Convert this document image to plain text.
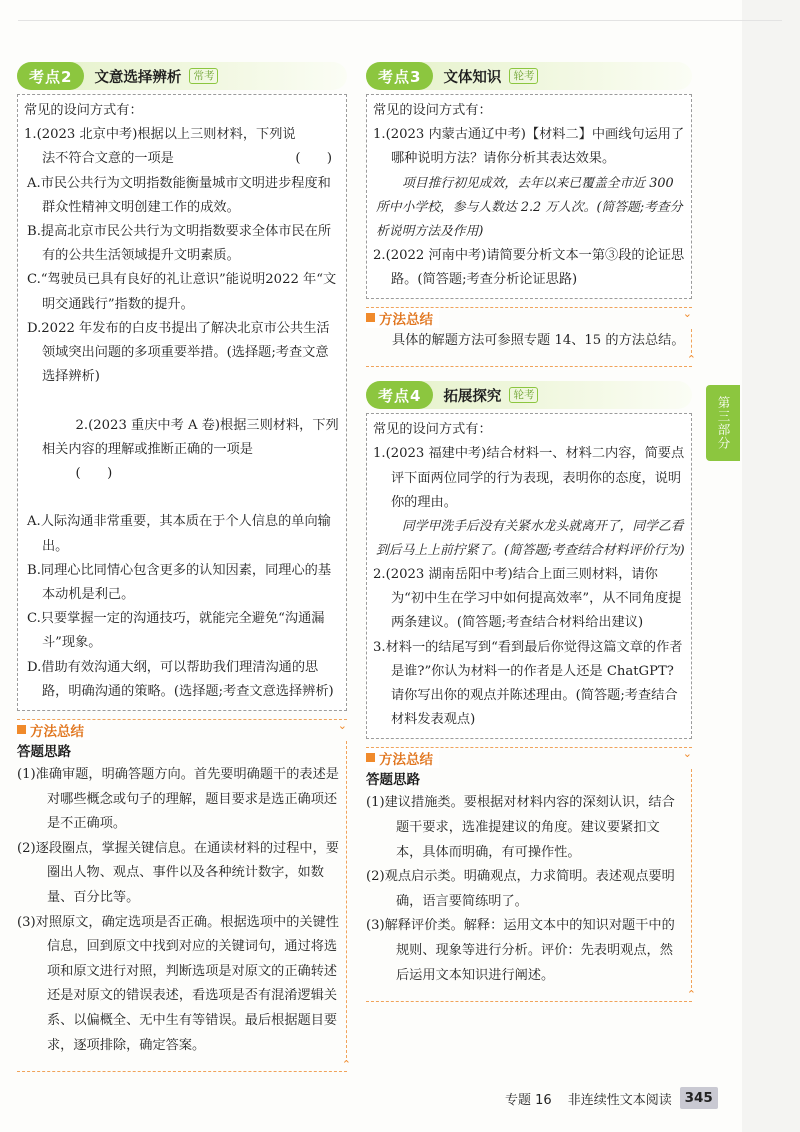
考点2	文意选择辨析	常考
常见的设问方式有：
1.(2023 北京中考)根据以上三则材料，下列说
法不符合文意的一项是	(　　)
A.市民公共行为文明指数能衡量城市文明进步程度和群众性精神文明创建工作的成效。
B.提高北京市民公共行为文明指数要求全体市民在所有的公共生活领域提升文明素质。
C.“驾驶员已具有良好的礼让意识”能说明2022 年“文明交通践行”指数的提升。
D.2022 年发布的白皮书提出了解决北京市公共生活领域突出问题的多项重要举措。(选择题;考查文意选择辨析)

2.(2023 重庆中考 A 卷)根据三则材料，下列相关内容的理解或推断正确的一项是
(　　)

A.人际沟通非常重要，其本质在于个人信息的单向输出。
B.同理心比同情心包含更多的认知因素，同理心的基本动机是利己。
C.只要掌握一定的沟通技巧，就能完全避免“沟通漏斗”现象。
D.借助有效沟通大纲，可以帮助我们理清沟通的思路，明确沟通的策略。(选择题;考查文意选择辨析)
方法总结	⌄
答题思路
(1)准确审题，明确答题方向。首先要明确题干的表述是对哪些概念或句子的理解，题目要求是选正确项还是不正确项。
(2)逐段圈点，掌握关键信息。在通读材料的过程中，要圈出人物、观点、事件以及各种统计数字，如数量、百分比等。
(3)对照原文，确定选项是否正确。根据选项中的关键性信息，回到原文中找到对应的关键词句，通过将选项和原文进行对照，判断选项是对原文的正确转述还是对原文的错误表述，看选项是否有混淆逻辑关系、以偏概全、无中生有等错误。最后根据题目要求，逐项排除，确定答案。
⌃
考点3	文体知识	轮考
常见的设问方式有：
1.(2023 内蒙古通辽中考)【材料二】中画线句运用了哪种说明方法？请你分析其表达效果。
项目推行初见成效，去年以来已覆盖全市近 300 所中小学校，参与人数达 2.2 万人次。(简答题;考查分析说明方法及作用)
2.(2022 河南中考)请简要分析文本一第③段的论证思路。(简答题;考查分析论证思路)
方法总结	⌄
具体的解题方法可参照专题 14、15 的方法总结。
⌃
考点4	拓展探究	轮考
常见的设问方式有：
1.(2023 福建中考)结合材料一、材料二内容，简要点评下面两位同学的行为表现，表明你的态度，说明你的理由。
同学甲洗手后没有关紧水龙头就离开了，同学乙看到后马上上前拧紧了。(简答题;考查结合材料评价行为)
2.(2023 湖南岳阳中考)结合上面三则材料，请你为“初中生在学习中如何提高效率”，从不同角度提两条建议。(简答题;考查结合材料给出建议)
3.材料一的结尾写到“看到最后你觉得这篇文章的作者是谁?”你认为材料一的作者是人还是 ChatGPT? 请你写出你的观点并陈述理由。(简答题;考查结合材料发表观点)
方法总结	⌄
答题思路
(1)建议措施类。要根据对材料内容的深刻认识，结合题干要求，选准提建议的角度。建议要紧扣文本，具体而明确，有可操作性。
(2)观点启示类。明确观点，力求简明。表述观点要明确，语言要简练明了。
(3)解释评价类。解释：运用文本中的知识对题干中的规则、现象等进行分析。评价：先表明观点，然后运用文本知识进行阐述。
⌃
第三部分
专题 16 非连续性文本阅读 345
